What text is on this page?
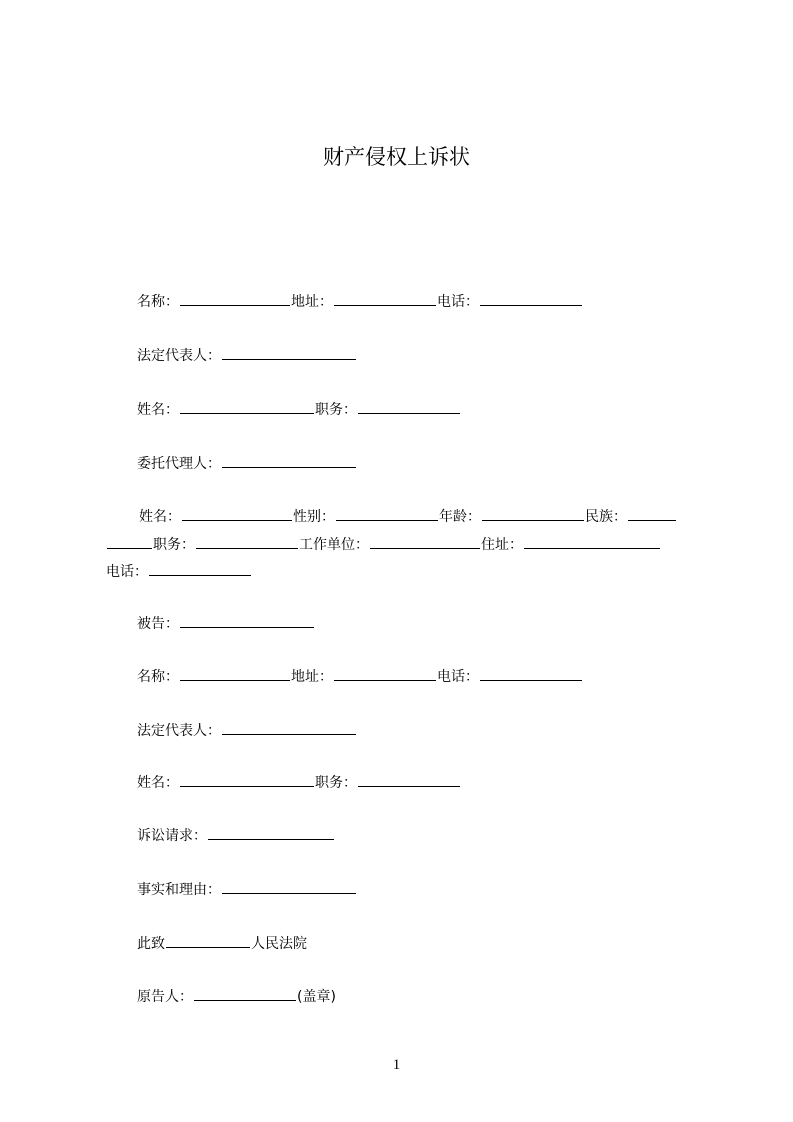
财产侵权上诉状
名称：	地址：	电话：
法定代表人：
姓名：	职务：
委托代理人：
姓名：	性别：	年龄：	民族：
职务：	工作单位：	住址：
电话：
被告：
名称：	地址：	电话：
法定代表人：
姓名：	职务：
诉讼请求：
事实和理由：
此致	人民法院
原告人：	(盖章)
1
